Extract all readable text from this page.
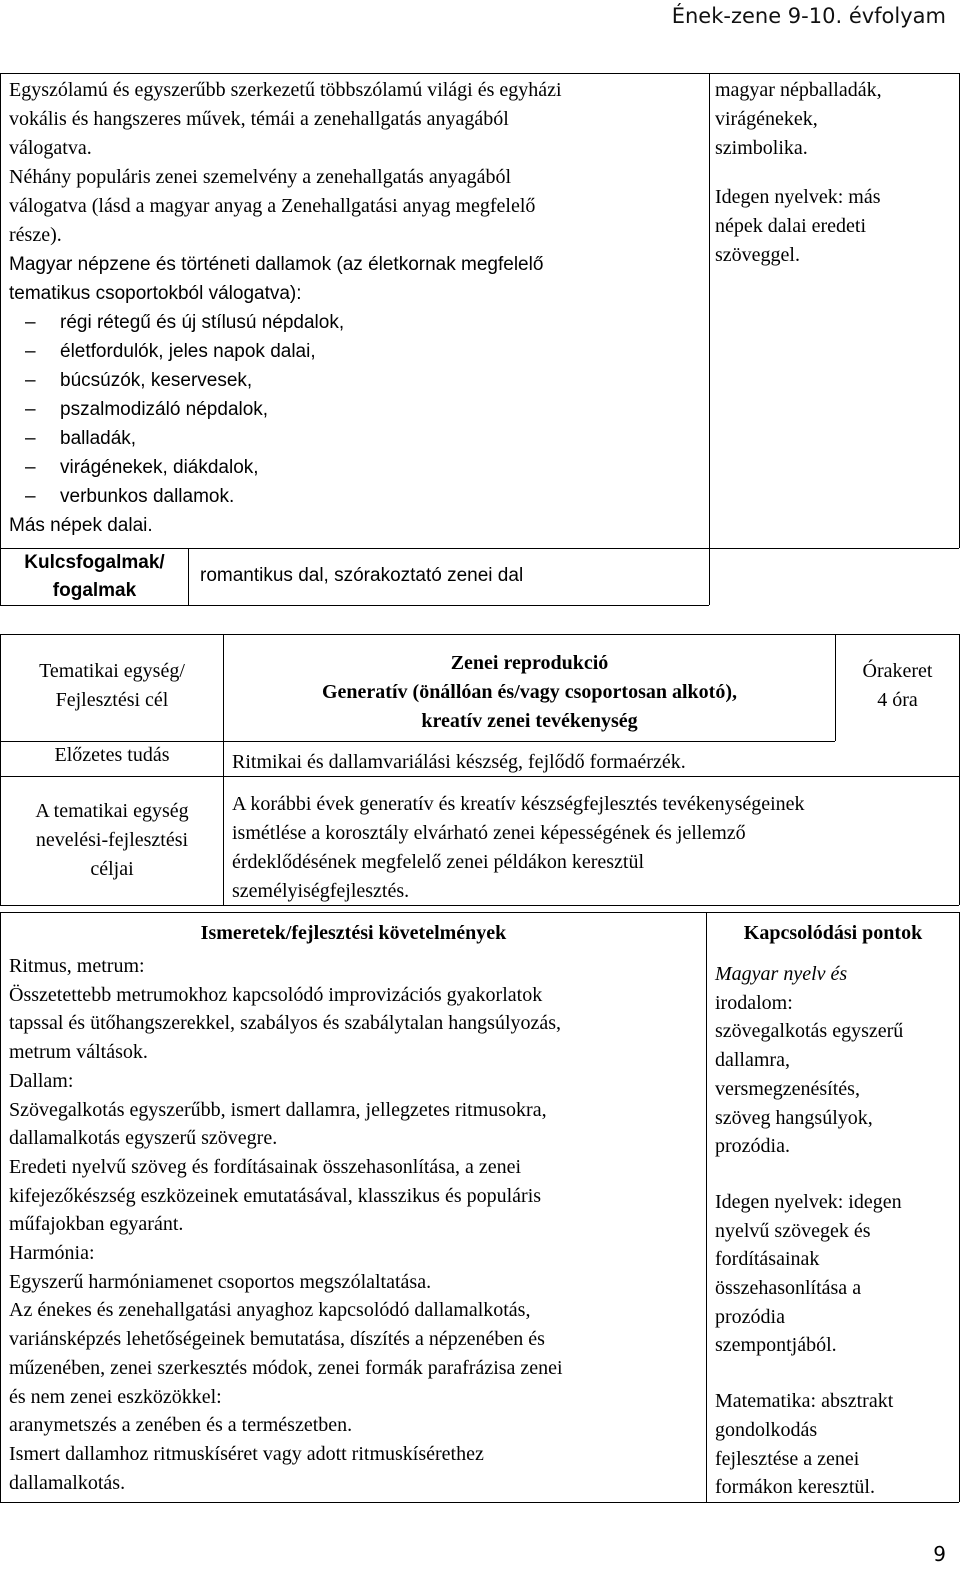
Ének-zene 9-10. évfolyam
Egyszólamú és egyszerűbb szerkezetű többszólamú világi és egyházi
vokális és hangszeres művek, témái a zenehallgatás anyagából
válogatva.
Néhány populáris zenei szemelvény a zenehallgatás anyagából
válogatva (lásd a magyar anyag a Zenehallgatási anyag megfelelő
része).
Magyar népzene és történeti dallamok (az életkornak megfelelő
tematikus csoportokból válogatva):
– régi rétegű és új stílusú népdalok,
– életfordulók, jeles napok dalai,
– búcsúzók, keservesek,
– pszalmodizáló népdalok,
– balladák,
– virágénekek, diákdalok,
– verbunkos dallamok.
Más népek dalai.
magyar népballadák,
virágénekek,
szimbolika.
Idegen nyelvek: más
népek dalai eredeti
szöveggel.
Kulcsfogalmak/
fogalmak
romantikus dal, szórakoztató zenei dal
Tematikai egység/
Fejlesztési cél
Zenei reprodukció
Generatív (önállóan és/vagy csoportosan alkotó),
kreatív zenei tevékenység
Órakeret
4 óra
Előzetes tudás	Ritmikai és dallamvariálási készség, fejlődő formaérzék.
A tematikai egység
nevelési-fejlesztési
céljai
A korábbi évek generatív és kreatív készségfejlesztés tevékenységeinek
ismétlése a korosztály elvárható zenei képességének és jellemző
érdeklődésének megfelelő zenei példákon keresztül
személyiségfejlesztés.
Ismeretek/fejlesztési követelmények	Kapcsolódási pontok
Ritmus, metrum:
Összetettebb metrumokhoz kapcsolódó improvizációs gyakorlatok
tapssal és ütőhangszerekkel, szabályos és szabálytalan hangsúlyozás,
metrum váltások.
Dallam:
Szövegalkotás egyszerűbb, ismert dallamra, jellegzetes ritmusokra,
dallamalkotás egyszerű szövegre.
Eredeti nyelvű szöveg és fordításainak összehasonlítása, a zenei
kifejezőkészség eszközeinek emutatásával, klasszikus és populáris
műfajokban egyaránt.
Harmónia:
Egyszerű harmóniamenet csoportos megszólaltatása.
Az énekes és zenehallgatási anyaghoz kapcsolódó dallamalkotás,
variánsképzés lehetőségeinek bemutatása, díszítés a népzenében és
műzenében, zenei szerkesztés módok, zenei formák parafrázisa zenei
és nem zenei eszközökkel:
aranymetszés a zenében és a természetben.
Ismert dallamhoz ritmuskíséret vagy adott ritmuskísérethez
dallamalkotás.
Magyar nyelv és
irodalom:
szövegalkotás egyszerű
dallamra,
versmegzenésítés,
szöveg hangsúlyok,
prozódia.
Idegen nyelvek: idegen
nyelvű szövegek és
fordításainak
összehasonlítása a
prozódia
szempontjából.
Matematika: absztrakt
gondolkodás
fejlesztése a zenei
formákon keresztül.
9
